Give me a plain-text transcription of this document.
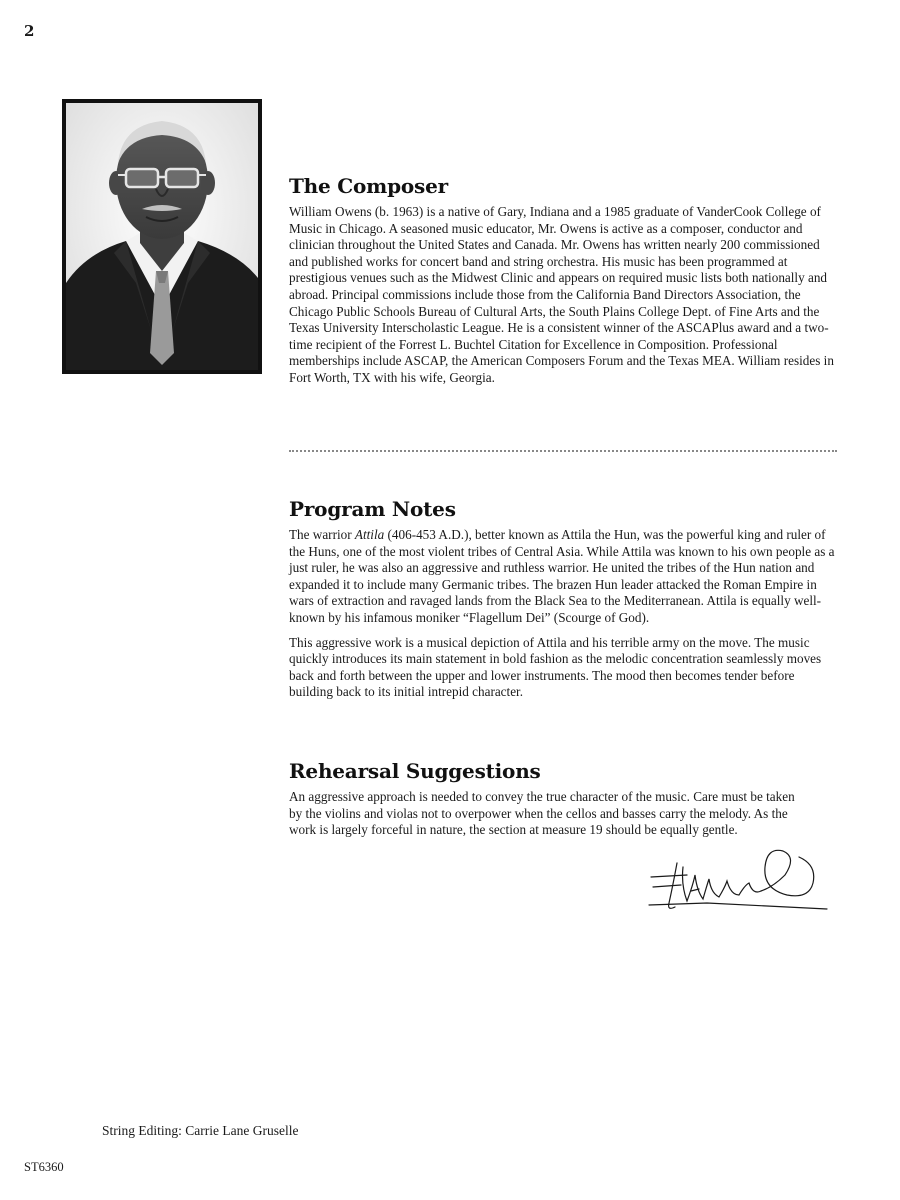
2
The Composer

William Owens (b. 1963) is a native of Gary, Indiana and a 1985 graduate of VanderCook College of Music in Chicago. A seasoned music educator, Mr. Owens is active as a composer, conductor and clinician throughout the United States and Canada. Mr. Owens has written nearly 200 commissioned and published works for concert band and string orchestra. His music has been programmed at prestigious venues such as the Midwest Clinic and appears on required music lists both nationally and abroad. Principal commissions include those from the California Band Directors Association, the Chicago Public Schools Bureau of Cultural Arts, the South Plains College Dept. of Fine Arts and the Texas University Interscholastic League. He is a consistent winner of the ASCAPlus award and a two-time recipient of the Forrest L. Buchtel Citation for Excellence in Composition. Professional memberships include ASCAP, the American Composers Forum and the Texas MEA. William resides in Fort Worth, TX with his wife, Georgia.

Program Notes

The warrior Attila (406-453 A.D.), better known as Attila the Hun, was the powerful king and ruler of the Huns, one of the most violent tribes of Central Asia. While Attila was known to his own people as a just ruler, he was also an aggressive and ruthless warrior. He united the tribes of the Hun nation and expanded it to include many Germanic tribes. The brazen Hun leader attacked the Roman Empire in wars of extraction and ravaged lands from the Black Sea to the Mediterranean. Attila is equally well-known by his infamous moniker “Flagellum Dei” (Scourge of God).

This aggressive work is a musical depiction of Attila and his terrible army on the move. The music quickly introduces its main statement in bold fashion as the melodic concentration seamlessly moves back and forth between the upper and lower instruments. The mood then becomes tender before building back to its initial intrepid character.

Rehearsal Suggestions

An aggressive approach is needed to convey the true character of the music. Care must be taken by the violins and violas not to overpower when the cellos and basses carry the melody. As the work is largely forceful in nature, the section at measure 19 should be equally gentle.

String Editing: Carrie Lane Gruselle
ST6360
